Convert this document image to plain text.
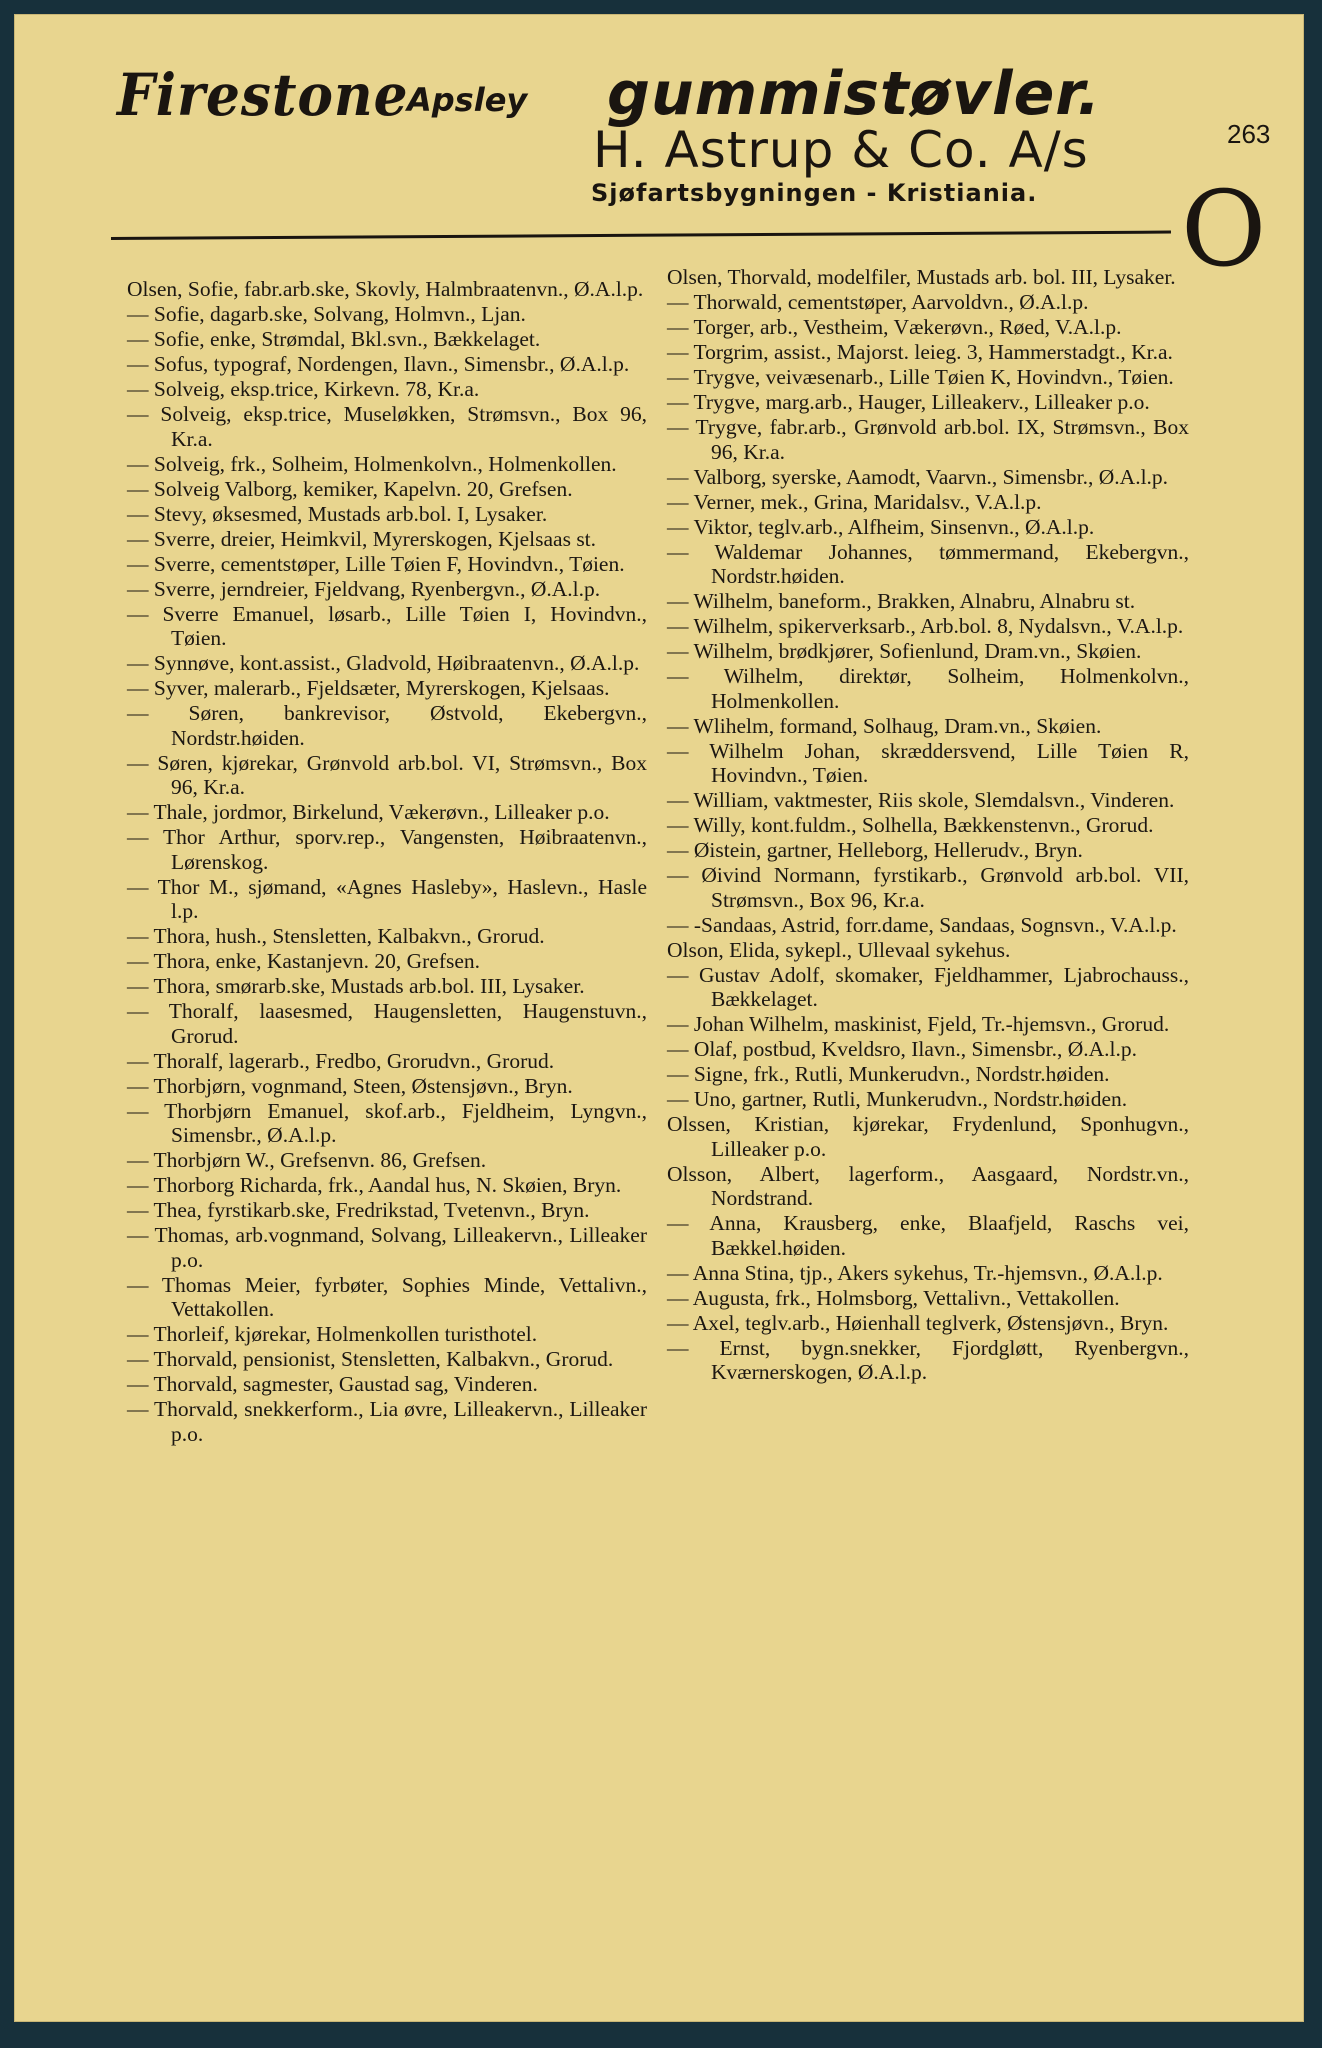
Firestone
Apsley gummistøvler.
H. Astrup & Co. A/s
Sjøfartsbygningen - Kristiania.
263
O
Olsen, Sofie, fabr.arb.ske, Skovly, Halmbraatenvn., Ø.A.l.p.
— Sofie, dagarb.ske, Solvang, Holmvn., Ljan.
— Sofie, enke, Strømdal, Bkl.svn., Bækkelaget.
— Sofus, typograf, Nordengen, Ilavn., Simensbr., Ø.A.l.p.
— Solveig, eksp.trice, Kirkevn. 78, Kr.a.
— Solveig, eksp.trice, Museløkken, Strømsvn., Box 96, Kr.a.
— Solveig, frk., Solheim, Holmenkolvn., Holmenkollen.
— Solveig Valborg, kemiker, Kapelvn. 20, Grefsen.
— Stevy, øksesmed, Mustads arb.bol. I, Lysaker.
— Sverre, dreier, Heimkvil, Myrerskogen, Kjelsaas st.
— Sverre, cementstøper, Lille Tøien F, Hovindvn., Tøien.
— Sverre, jerndreier, Fjeldvang, Ryenbergvn., Ø.A.l.p.
— Sverre Emanuel, løsarb., Lille Tøien I, Hovindvn., Tøien.
— Synnøve, kont.assist., Gladvold, Høibraatenvn., Ø.A.l.p.
— Syver, malerarb., Fjeldsæter, Myrerskogen, Kjelsaas.
— Søren, bankrevisor, Østvold, Ekebergvn., Nordstr.høiden.
— Søren, kjørekar, Grønvold arb.bol. VI, Strømsvn., Box 96, Kr.a.
— Thale, jordmor, Birkelund, Vækerøvn., Lilleaker p.o.
— Thor Arthur, sporv.rep., Vangensten, Høibraatenvn., Lørenskog.
— Thor M., sjømand, «Agnes Hasleby», Haslevn., Hasle l.p.
— Thora, hush., Stensletten, Kalbakvn., Grorud.
— Thora, enke, Kastanjevn. 20, Grefsen.
— Thora, smørarb.ske, Mustads arb.bol. III, Lysaker.
— Thoralf, laasesmed, Haugensletten, Haugenstuvn., Grorud.
— Thoralf, lagerarb., Fredbo, Grorudvn., Grorud.
— Thorbjørn, vognmand, Steen, Østensjøvn., Bryn.
— Thorbjørn Emanuel, skof.arb., Fjeldheim, Lyngvn., Simensbr., Ø.A.l.p.
— Thorbjørn W., Grefsenvn. 86, Grefsen.
— Thorborg Richarda, frk., Aandal hus, N. Skøien, Bryn.
— Thea, fyrstikarb.ske, Fredrikstad, Tvetenvn., Bryn.
— Thomas, arb.vognmand, Solvang, Lilleakervn., Lilleaker p.o.
— Thomas Meier, fyrbøter, Sophies Minde, Vettalivn., Vettakollen.
— Thorleif, kjørekar, Holmenkollen turisthotel.
— Thorvald, pensionist, Stensletten, Kalbakvn., Grorud.
— Thorvald, sagmester, Gaustad sag, Vinderen.
— Thorvald, snekkerform., Lia øvre, Lilleakervn., Lilleaker p.o.
Olsen, Thorvald, modelfiler, Mustads arb. bol. III, Lysaker.
— Thorwald, cementstøper, Aarvoldvn., Ø.A.l.p.
— Torger, arb., Vestheim, Vækerøvn., Røed, V.A.l.p.
— Torgrim, assist., Majorst. leieg. 3, Hammerstadgt., Kr.a.
— Trygve, veivæsenarb., Lille Tøien K, Hovindvn., Tøien.
— Trygve, marg.arb., Hauger, Lilleakerv., Lilleaker p.o.
— Trygve, fabr.arb., Grønvold arb.bol. IX, Strømsvn., Box 96, Kr.a.
— Valborg, syerske, Aamodt, Vaarvn., Simensbr., Ø.A.l.p.
— Verner, mek., Grina, Maridalsv., V.A.l.p.
— Viktor, teglv.arb., Alfheim, Sinsenvn., Ø.A.l.p.
— Waldemar Johannes, tømmermand, Ekebergvn., Nordstr.høiden.
— Wilhelm, baneform., Brakken, Alnabru, Alnabru st.
— Wilhelm, spikerverksarb., Arb.bol. 8, Nydalsvn., V.A.l.p.
— Wilhelm, brødkjører, Sofienlund, Dram.vn., Skøien.
— Wilhelm, direktør, Solheim, Holmenkolvn., Holmenkollen.
— Wlihelm, formand, Solhaug, Dram.vn., Skøien.
— Wilhelm Johan, skræddersvend, Lille Tøien R, Hovindvn., Tøien.
— William, vaktmester, Riis skole, Slemdalsvn., Vinderen.
— Willy, kont.fuldm., Solhella, Bækkenstenvn., Grorud.
— Øistein, gartner, Helleborg, Hellerudv., Bryn.
— Øivind Normann, fyrstikarb., Grønvold arb.bol. VII, Strømsvn., Box 96, Kr.a.
— -Sandaas, Astrid, forr.dame, Sandaas, Sognsvn., V.A.l.p.
Olson, Elida, sykepl., Ullevaal sykehus.
— Gustav Adolf, skomaker, Fjeldhammer, Ljabrochauss., Bækkelaget.
— Johan Wilhelm, maskinist, Fjeld, Tr.-hjemsvn., Grorud.
— Olaf, postbud, Kveldsro, Ilavn., Simensbr., Ø.A.l.p.
— Signe, frk., Rutli, Munkerudvn., Nordstr.høiden.
— Uno, gartner, Rutli, Munkerudvn., Nordstr.høiden.
Olssen, Kristian, kjørekar, Frydenlund, Sponhugvn., Lilleaker p.o.
Olsson, Albert, lagerform., Aasgaard, Nordstr.vn., Nordstrand.
— Anna, Krausberg, enke, Blaafjeld, Raschs vei, Bækkel.høiden.
— Anna Stina, tjp., Akers sykehus, Tr.-hjemsvn., Ø.A.l.p.
— Augusta, frk., Holmsborg, Vettalivn., Vettakollen.
— Axel, teglv.arb., Høienhall teglverk, Østensjøvn., Bryn.
— Ernst, bygn.snekker, Fjordgløtt, Ryenbergvn., Kværnerskogen, Ø.A.l.p.
